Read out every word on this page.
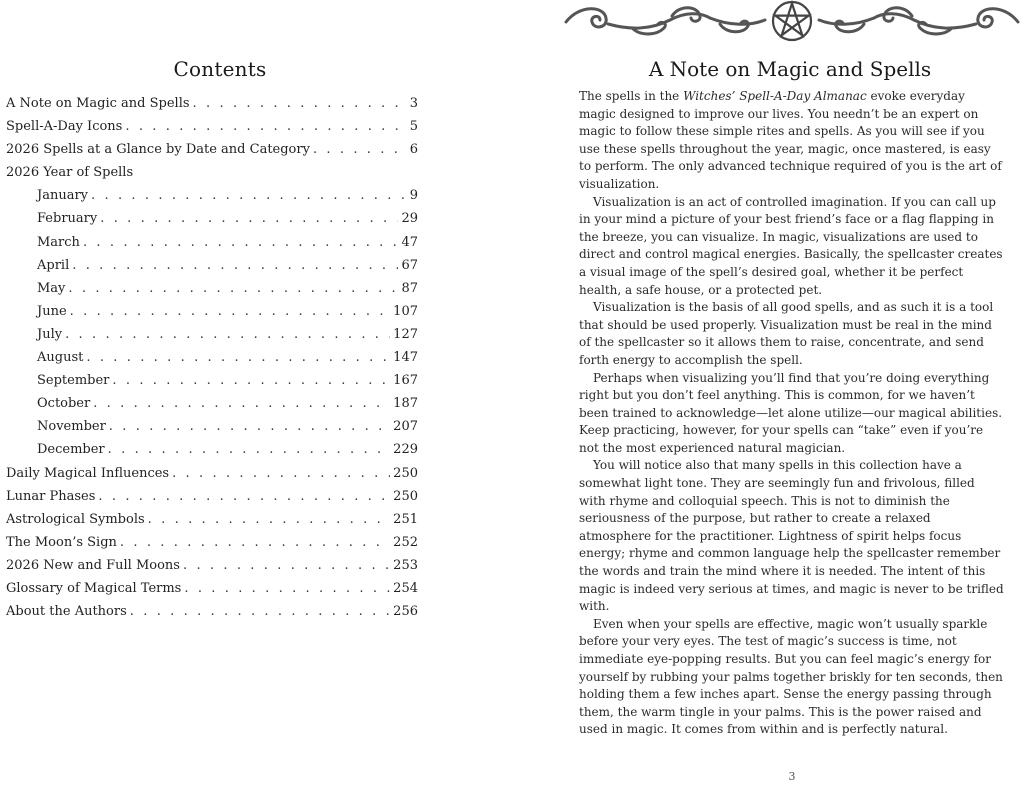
Contents
A Note on Magic and Spells . . .	3
Spell-A-Day Icons . . .	5
2026 Spells at a Glance by Date and Category . . .	6
2026 Year of Spells
January . . .	9
February . . .	29
March . . .	47
April . . .	67
May . . .	87
June . . .	107
July . . .	127
August . . .	147
September . . .	167
October . . .	187
November . . .	207
December . . .	229
Daily Magical Influences . . .	250
Lunar Phases . . .	250
Astrological Symbols . . .	251
The Moon’s Sign . . .	252
2026 New and Full Moons . . .	253
Glossary of Magical Terms . . .	254
About the Authors . . .	256
A Note on Magic and Spells

The spells in the Witches’ Spell-A-Day Almanac evoke everyday magic designed to improve our lives. You needn’t be an expert on magic to follow these simple rites and spells. As you will see if you use these spells throughout the year, magic, once mastered, is easy to perform. The only advanced technique required of you is the art of visualization.

Visualization is an act of controlled imagination. If you can call up in your mind a picture of your best friend’s face or a flag flapping in the breeze, you can visualize. In magic, visualizations are used to direct and control magical energies. Basically, the spellcaster creates a visual image of the spell’s desired goal, whether it be perfect health, a safe house, or a protected pet.

Visualization is the basis of all good spells, and as such it is a tool that should be used properly. Visualization must be real in the mind of the spellcaster so it allows them to raise, concentrate, and send forth energy to accomplish the spell.

Perhaps when visualizing you’ll find that you’re doing everything right but you don’t feel anything. This is common, for we haven’t been trained to acknowledge—let alone utilize—our magical abilities. Keep practicing, however, for your spells can “take” even if you’re not the most experienced natural magician.

You will notice also that many spells in this collection have a somewhat light tone. They are seemingly fun and frivolous, filled with rhyme and colloquial speech. This is not to diminish the seriousness of the purpose, but rather to create a relaxed atmosphere for the practitioner. Lightness of spirit helps focus energy; rhyme and common language help the spellcaster remember the words and train the mind where it is needed. The intent of this magic is indeed very serious at times, and magic is never to be trifled with.

Even when your spells are effective, magic won’t usually sparkle before your very eyes. The test of magic’s success is time, not immediate eye-popping results. But you can feel magic’s energy for yourself by rubbing your palms together briskly for ten seconds, then holding them a few inches apart. Sense the energy passing through them, the warm tingle in your palms. This is the power raised and used in magic. It comes from within and is perfectly natural.

3
